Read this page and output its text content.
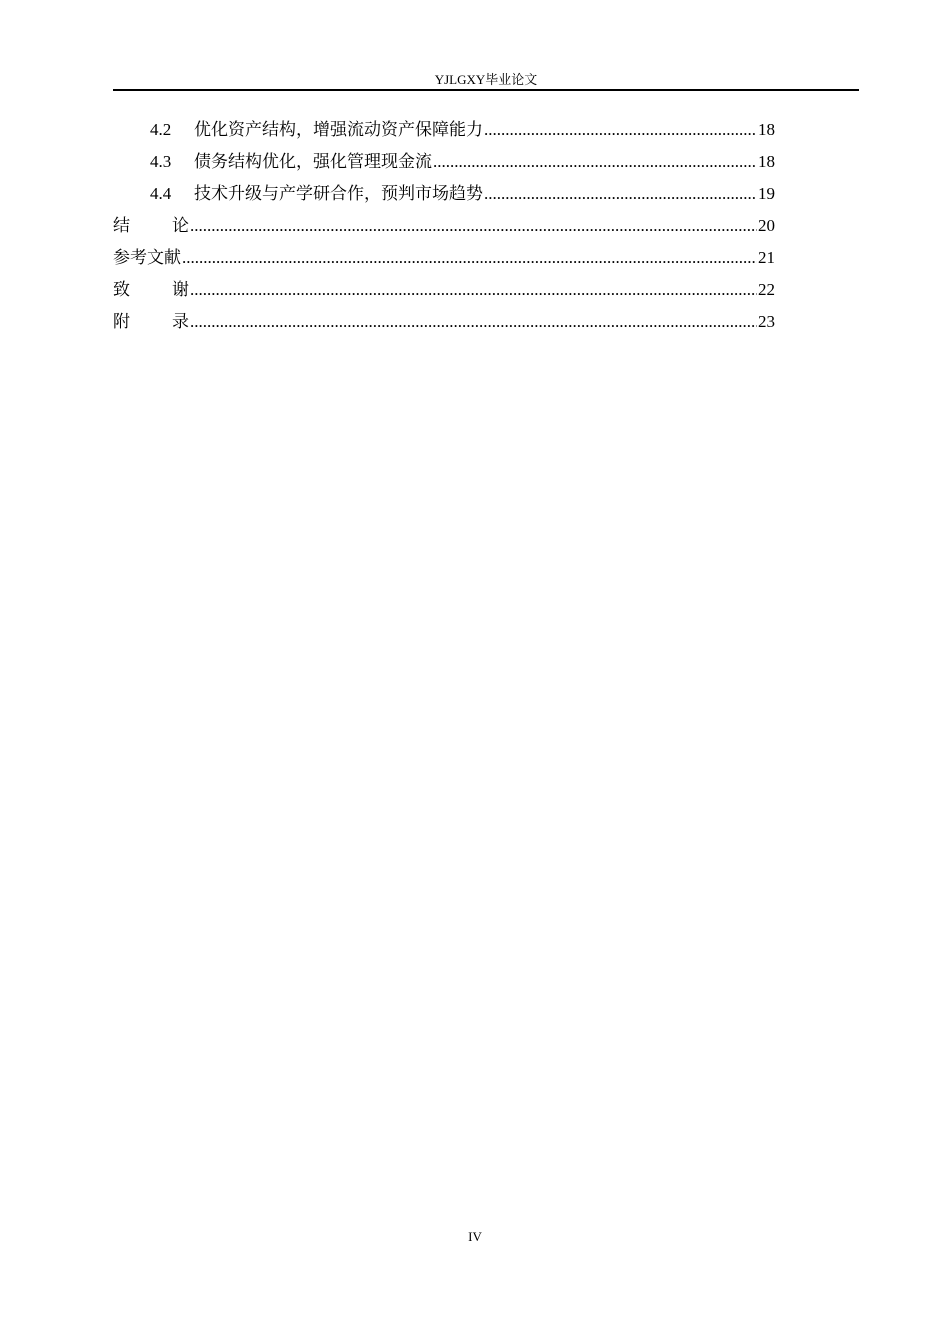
YJLGXY毕业论文
4.2	优化资产结构，增强流动资产保障能力 .....	18
4.3	债务结构优化，强化管理现金流 .....	18
4.4	技术升级与产学研合作，预判市场趋势 .....	19
结 论 .....	20
参考文献 .....	21
致 谢 .....	22
附 录 .....	23
IV
